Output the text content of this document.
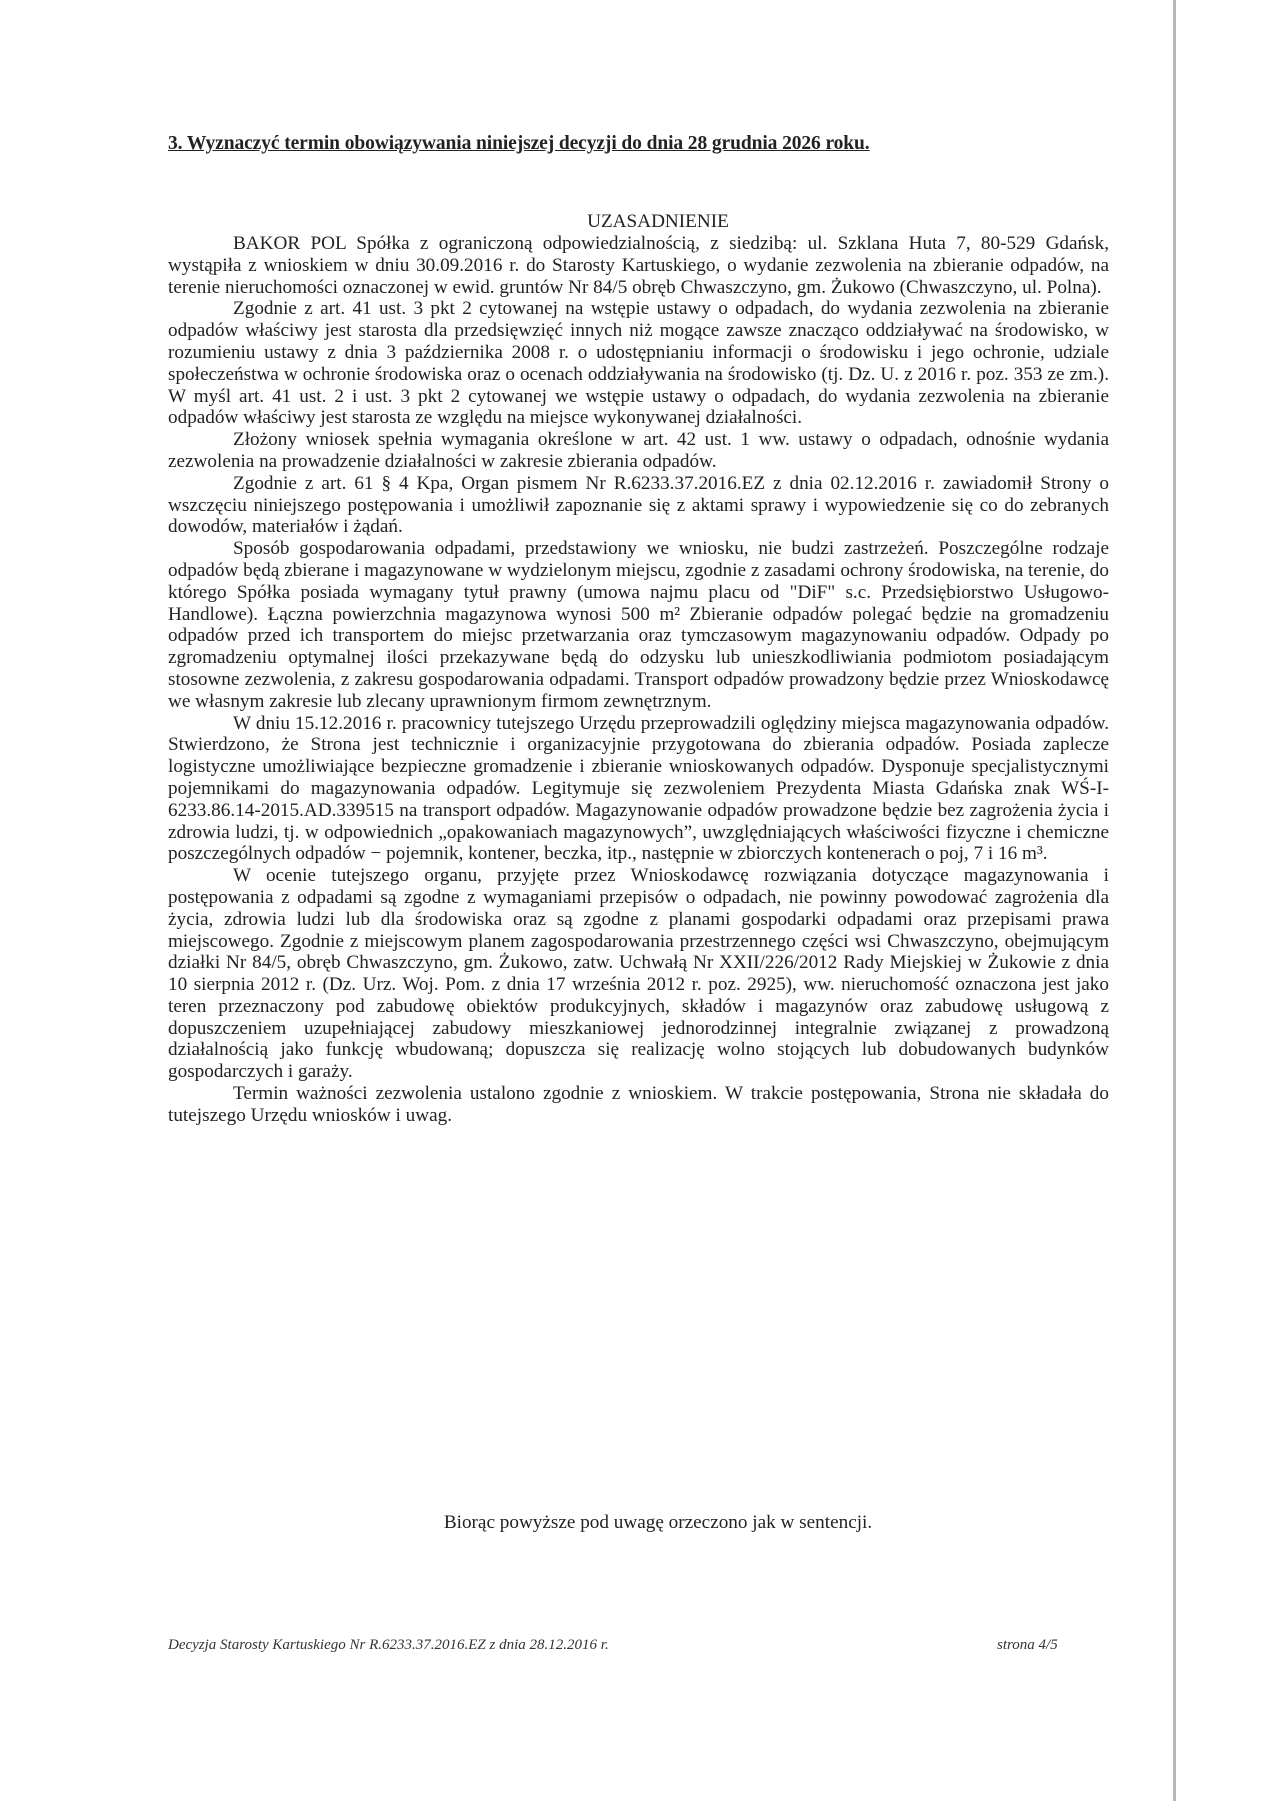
3. Wyznaczyć termin obowiązywania niniejszej decyzji do dnia 28 grudnia 2026 roku.
UZASADNIENIE

BAKOR POL Spółka z ograniczoną odpowiedzialnością, z siedzibą: ul. Szklana Huta 7, 80-529 Gdańsk, wystąpiła z wnioskiem w dniu 30.09.2016 r. do Starosty Kartuskiego, o wydanie zezwolenia na zbieranie odpadów, na terenie nieruchomości oznaczonej w ewid. gruntów Nr 84/5 obręb Chwaszczyno, gm. Żukowo (Chwaszczyno, ul. Polna).

Zgodnie z art. 41 ust. 3 pkt 2 cytowanej na wstępie ustawy o odpadach, do wydania zezwolenia na zbieranie odpadów właściwy jest starosta dla przedsięwzięć innych niż mogące zawsze znacząco oddziaływać na środowisko, w rozumieniu ustawy z dnia 3 października 2008 r. o udostępnianiu informacji o środowisku i jego ochronie, udziale społeczeństwa w ochronie środowiska oraz o ocenach oddziaływania na środowisko (tj. Dz. U. z 2016 r. poz. 353 ze zm.). W myśl art. 41 ust. 2 i ust. 3 pkt 2 cytowanej we wstępie ustawy o odpadach, do wydania zezwolenia na zbieranie odpadów właściwy jest starosta ze względu na miejsce wykonywanej działalności.

Złożony wniosek spełnia wymagania określone w art. 42 ust. 1 ww. ustawy o odpadach, odnośnie wydania zezwolenia na prowadzenie działalności w zakresie zbierania odpadów.

Zgodnie z art. 61 § 4 Kpa, Organ pismem Nr R.6233.37.2016.EZ z dnia 02.12.2016 r. zawiadomił Strony o wszczęciu niniejszego postępowania i umożliwił zapoznanie się z aktami sprawy i wypowiedzenie się co do zebranych dowodów, materiałów i żądań.

Sposób gospodarowania odpadami, przedstawiony we wniosku, nie budzi zastrzeżeń. Poszczególne rodzaje odpadów będą zbierane i magazynowane w wydzielonym miejscu, zgodnie z zasadami ochrony środowiska, na terenie, do którego Spółka posiada wymagany tytuł prawny (umowa najmu placu od "DiF" s.c. Przedsiębiorstwo Usługowo-Handlowe). Łączna powierzchnia magazynowa wynosi 500 m² Zbieranie odpadów polegać będzie na gromadzeniu odpadów przed ich transportem do miejsc przetwarzania oraz tymczasowym magazynowaniu odpadów. Odpady po zgromadzeniu optymalnej ilości przekazywane będą do odzysku lub unieszkodliwiania podmiotom posiadającym stosowne zezwolenia, z zakresu gospodarowania odpadami. Transport odpadów prowadzony będzie przez Wnioskodawcę we własnym zakresie lub zlecany uprawnionym firmom zewnętrznym.

W dniu 15.12.2016 r. pracownicy tutejszego Urzędu przeprowadzili oględziny miejsca magazynowania odpadów. Stwierdzono, że Strona jest technicznie i organizacyjnie przygotowana do zbierania odpadów. Posiada zaplecze logistyczne umożliwiające bezpieczne gromadzenie i zbieranie wnioskowanych odpadów. Dysponuje specjalistycznymi pojemnikami do magazynowania odpadów. Legitymuje się zezwoleniem Prezydenta Miasta Gdańska znak WŚ-I-6233.86.14-2015.AD.339515 na transport odpadów. Magazynowanie odpadów prowadzone będzie bez zagrożenia życia i zdrowia ludzi, tj. w odpowiednich „opakowaniach magazynowych”, uwzględniających właściwości fizyczne i chemiczne poszczególnych odpadów − pojemnik, kontener, beczka, itp., następnie w zbiorczych kontenerach o poj, 7 i 16 m³.

W ocenie tutejszego organu, przyjęte przez Wnioskodawcę rozwiązania dotyczące magazynowania i postępowania z odpadami są zgodne z wymaganiami przepisów o odpadach, nie powinny powodować zagrożenia dla życia, zdrowia ludzi lub dla środowiska oraz są zgodne z planami gospodarki odpadami oraz przepisami prawa miejscowego. Zgodnie z miejscowym planem zagospodarowania przestrzennego części wsi Chwaszczyno, obejmującym działki Nr 84/5, obręb Chwaszczyno, gm. Żukowo, zatw. Uchwałą Nr XXII/226/2012 Rady Miejskiej w Żukowie z dnia 10 sierpnia 2012 r. (Dz. Urz. Woj. Pom. z dnia 17 września 2012 r. poz. 2925), ww. nieruchomość oznaczona jest jako teren przeznaczony pod zabudowę obiektów produkcyjnych, składów i magazynów oraz zabudowę usługową z dopuszczeniem uzupełniającej zabudowy mieszkaniowej jednorodzinnej integralnie związanej z prowadzoną działalnością jako funkcję wbudowaną; dopuszcza się realizację wolno stojących lub dobudowanych budynków gospodarczych i garaży.

Termin ważności zezwolenia ustalono zgodnie z wnioskiem. W trakcie postępowania, Strona nie składała do tutejszego Urzędu wniosków i uwag.

Biorąc powyższe pod uwagę orzeczono jak w sentencji.
Decyzja Starosty Kartuskiego Nr R.6233.37.2016.EZ z dnia 28.12.2016 r.	strona 4/5
